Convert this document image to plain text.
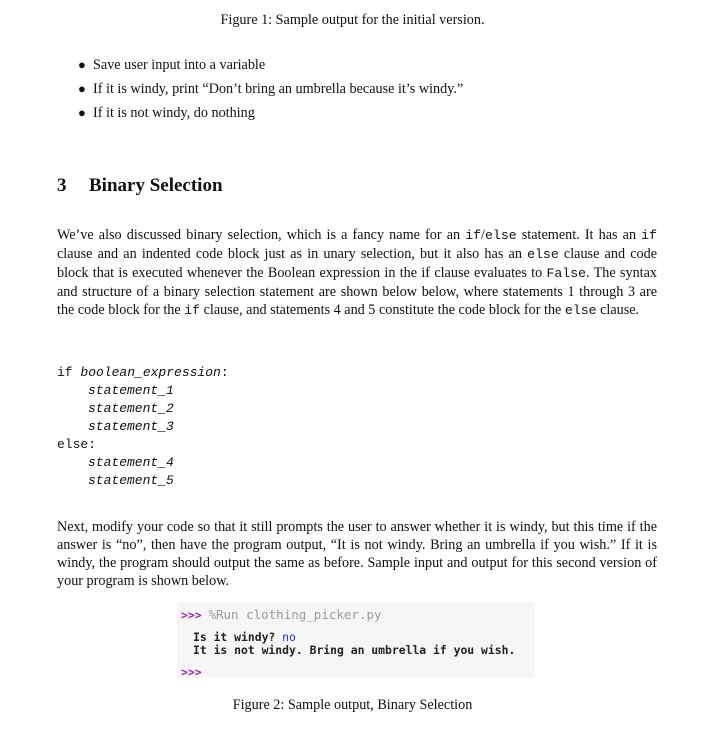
Figure 1: Sample output for the initial version.
● Save user input into a variable
● If it is windy, print “Don’t bring an umbrella because it’s windy.”
● If it is not windy, do nothing
3 Binary Selection

We’ve also discussed binary selection, which is a fancy name for an if/else statement. It has an if clause and an indented code block just as in unary selection, but it also has an else clause and code block that is executed whenever the Boolean expression in the if clause evaluates to False. The syntax and structure of a binary selection statement are shown below below, where statements 1 through 3 are the code block for the if clause, and statements 4 and 5 constitute the code block for the else clause.

if boolean_expression:
statement_1
statement_2
statement_3
else:
statement_4
statement_5

Next, modify your code so that it still prompts the user to answer whether it is windy, but this time if the answer is “no”, then have the program output, “It is not windy. Bring an umbrella if you wish.” If it is windy, the program should output the same as before. Sample input and output for this second version of your program is shown below.

>>> %Run clothing_picker.py
Is it windy? no
It is not windy. Bring an umbrella if you wish.
>>>
Figure 2: Sample output, Binary Selection
